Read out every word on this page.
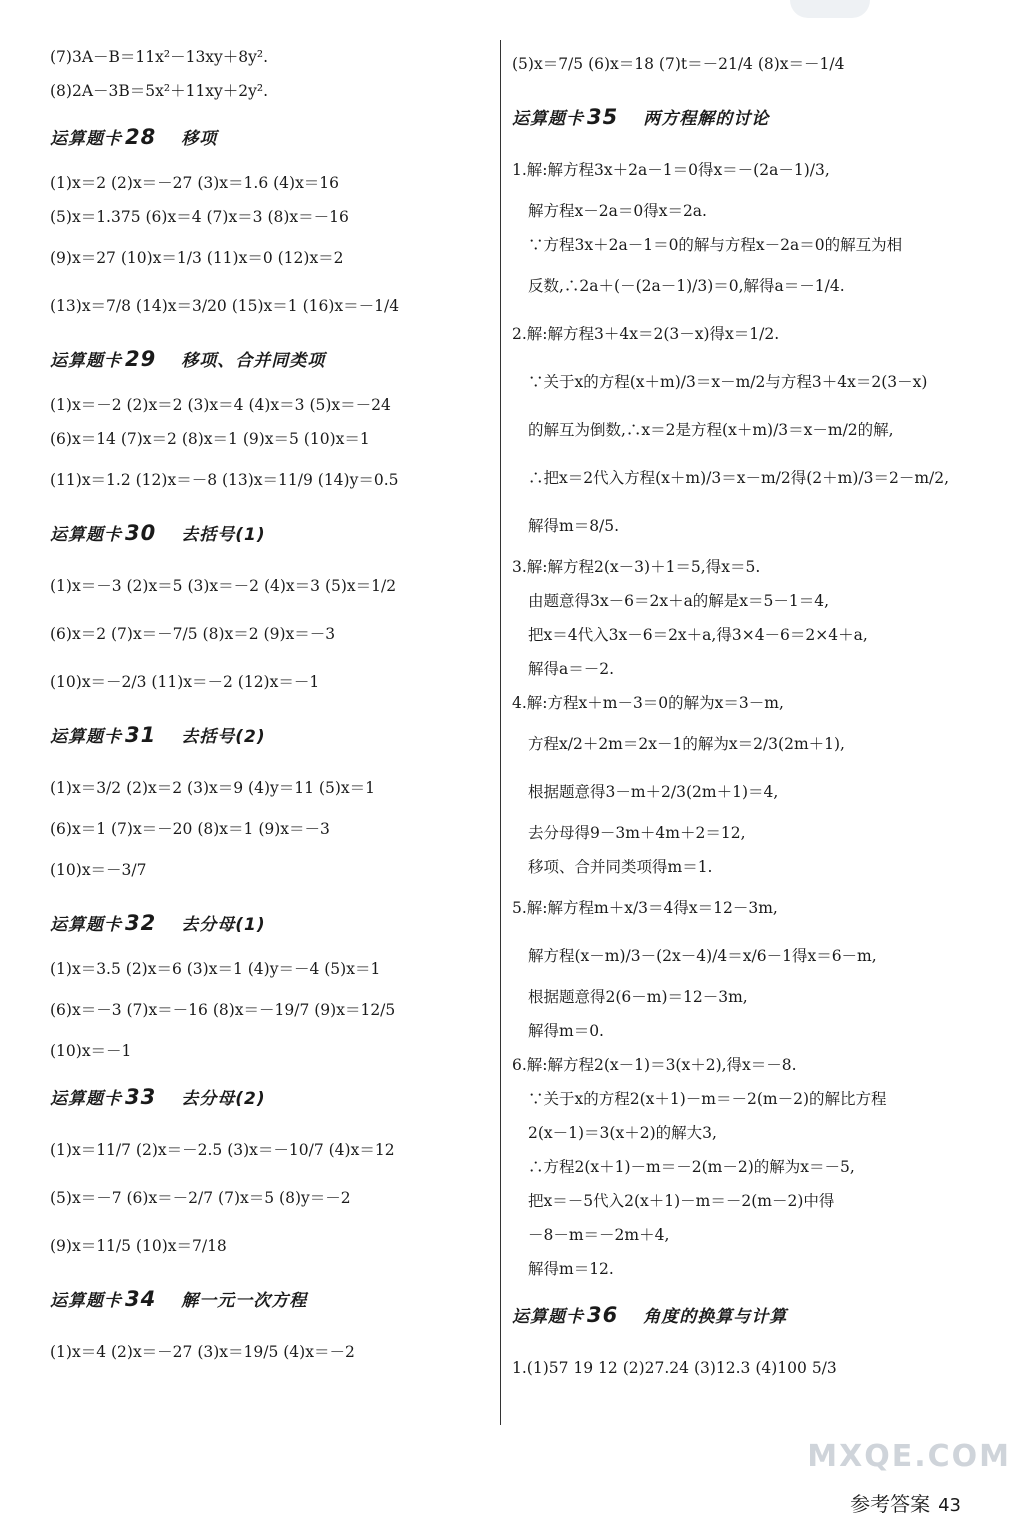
(7)3A－B＝11x²－13xy＋8y².
(8)2A－3B＝5x²＋11xy＋2y².
运算题卡 28 移项
(1)x＝2 (2)x＝－27 (3)x＝1.6 (4)x＝16
(5)x＝1.375 (6)x＝4 (7)x＝3 (8)x＝－16
(9)x＝27 (10)x＝1/3 (11)x＝0 (12)x＝2
(13)x＝7/8 (14)x＝3/20 (15)x＝1 (16)x＝－1/4
运算题卡 29 移项、合并同类项
(1)x＝－2 (2)x＝2 (3)x＝4 (4)x＝3 (5)x＝－24
(6)x＝14 (7)x＝2 (8)x＝1 (9)x＝5 (10)x＝1
(11)x＝1.2 (12)x＝－8 (13)x＝11/9 (14)y＝0.5
运算题卡 30 去括号(1)
(1)x＝－3 (2)x＝5 (3)x＝－2 (4)x＝3 (5)x＝1/2
(6)x＝2 (7)x＝－7/5 (8)x＝2 (9)x＝－3
(10)x＝－2/3 (11)x＝－2 (12)x＝－1
运算题卡 31 去括号(2)
(1)x＝3/2 (2)x＝2 (3)x＝9 (4)y＝11 (5)x＝1
(6)x＝1 (7)x＝－20 (8)x＝1 (9)x＝－3
(10)x＝－3/7
运算题卡 32 去分母(1)
(1)x＝3.5 (2)x＝6 (3)x＝1 (4)y＝－4 (5)x＝1
(6)x＝－3 (7)x＝－16 (8)x＝－19/7 (9)x＝12/5
(10)x＝－1
运算题卡 33 去分母(2)
(1)x＝11/7 (2)x＝－2.5 (3)x＝－10/7 (4)x＝12
(5)x＝－7 (6)x＝－2/7 (7)x＝5 (8)y＝－2
(9)x＝11/5 (10)x＝7/18
运算题卡 34 解一元一次方程
(1)x＝4 (2)x＝－27 (3)x＝19/5 (4)x＝－2
(5)x＝7/5 (6)x＝18 (7)t＝－21/4 (8)x＝－1/4
运算题卡 35 两方程解的讨论
1.解:解方程3x＋2a－1＝0得x＝－(2a－1)/3,
解方程x－2a＝0得x＝2a.
∵方程3x＋2a－1＝0的解与方程x－2a＝0的解互为相
反数,∴2a＋(－(2a－1)/3)＝0,解得a＝－1/4.
2.解:解方程3＋4x＝2(3－x)得x＝1/2.
∵关于x的方程(x＋m)/3＝x－m/2与方程3＋4x＝2(3－x)
的解互为倒数,∴x＝2是方程(x＋m)/3＝x－m/2的解,
∴把x＝2代入方程(x＋m)/3＝x－m/2得(2＋m)/3＝2－m/2,
解得m＝8/5.
3.解:解方程2(x－3)＋1＝5,得x＝5.
由题意得3x－6＝2x＋a的解是x＝5－1＝4,
把x＝4代入3x－6＝2x＋a,得3×4－6＝2×4＋a,
解得a＝－2.
4.解:方程x＋m－3＝0的解为x＝3－m,
方程x/2＋2m＝2x－1的解为x＝2/3(2m＋1),
根据题意得3－m＋2/3(2m＋1)＝4,
去分母得9－3m＋4m＋2＝12,
移项、合并同类项得m＝1.
5.解:解方程m＋x/3＝4得x＝12－3m,
解方程(x－m)/3－(2x－4)/4＝x/6－1得x＝6－m,
根据题意得2(6－m)＝12－3m,
解得m＝0.
6.解:解方程2(x－1)＝3(x＋2),得x＝－8.
∵关于x的方程2(x＋1)－m＝－2(m－2)的解比方程
2(x－1)＝3(x＋2)的解大3,
∴方程2(x＋1)－m＝－2(m－2)的解为x＝－5,
把x＝－5代入2(x＋1)－m＝－2(m－2)中得
－8－m＝－2m＋4,
解得m＝12.
运算题卡 36 角度的换算与计算
1.(1)57 19 12 (2)27.24 (3)12.3 (4)100 5/3
参考答案 43
MXQE.COM
